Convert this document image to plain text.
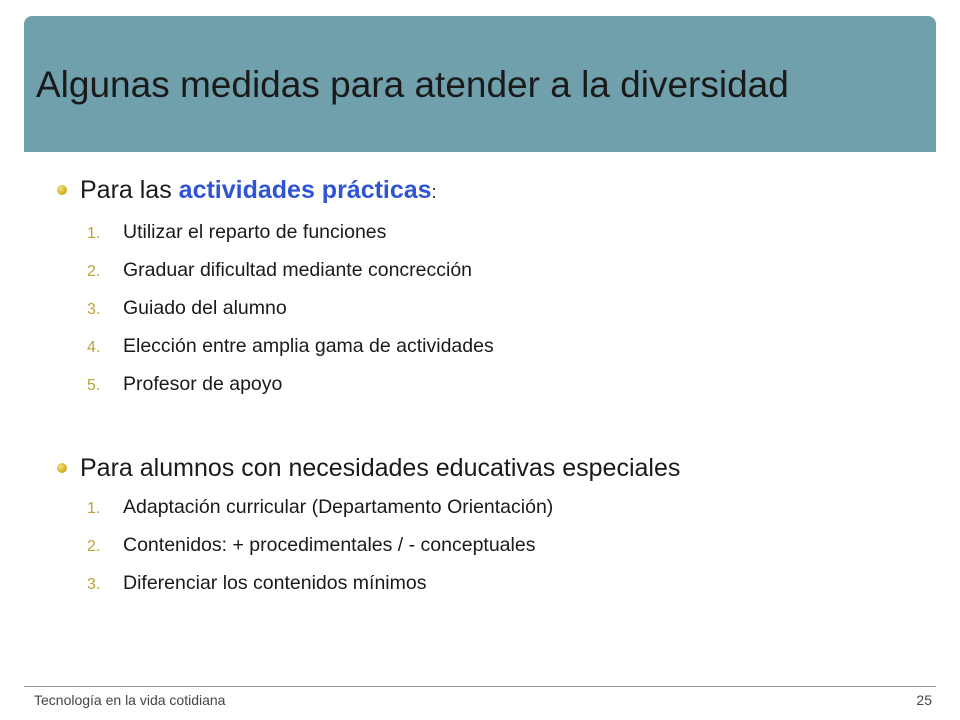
Algunas medidas para atender a la diversidad
Para las actividades prácticas:
1. Utilizar el reparto de funciones
2. Graduar dificultad mediante concrección
3. Guiado del alumno
4. Elección entre amplia gama de actividades
5. Profesor de apoyo
Para alumnos con necesidades educativas especiales
1. Adaptación curricular (Departamento Orientación)
2. Contenidos: + procedimentales / - conceptuales
3. Diferenciar los contenidos mínimos
Tecnología en la vida cotidiana	25
